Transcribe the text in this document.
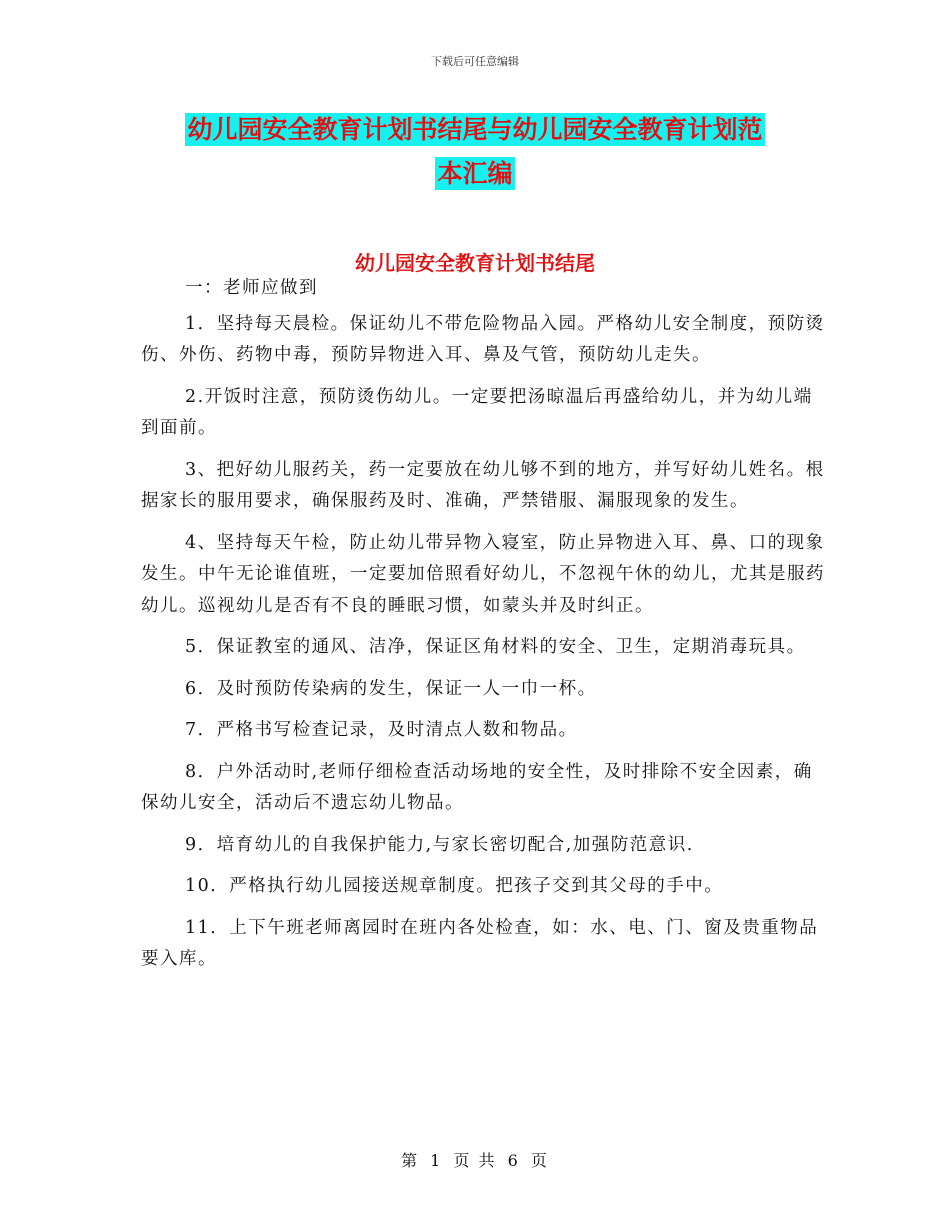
下载后可任意编辑
幼儿园安全教育计划书结尾与幼儿园安全教育计划范
本汇编
幼儿园安全教育计划书结尾

一：老师应做到

1．坚持每天晨检。保证幼儿不带危险物品入园。严格幼儿安全制度，预防烫伤、外伤、药物中毒，预防异物进入耳、鼻及气管，预防幼儿走失。

2.开饭时注意，预防烫伤幼儿。一定要把汤晾温后再盛给幼儿，并为幼儿端到面前。

3、把好幼儿服药关，药一定要放在幼儿够不到的地方，并写好幼儿姓名。根据家长的服用要求，确保服药及时、准确，严禁错服、漏服现象的发生。

4、坚持每天午检，防止幼儿带异物入寝室，防止异物进入耳、鼻、口的现象发生。中午无论谁值班，一定要加倍照看好幼儿，不忽视午休的幼儿，尤其是服药幼儿。巡视幼儿是否有不良的睡眠习惯，如蒙头并及时纠正。

5．保证教室的通风、洁净，保证区角材料的安全、卫生，定期消毒玩具。

6．及时预防传染病的发生，保证一人一巾一杯。

7．严格书写检查记录，及时清点人数和物品。

8．户外活动时,老师仔细检查活动场地的安全性，及时排除不安全因素，确保幼儿安全，活动后不遗忘幼儿物品。

9．培育幼儿的自我保护能力,与家长密切配合,加强防范意识.

10．严格执行幼儿园接送规章制度。把孩子交到其父母的手中。

11．上下午班老师离园时在班内各处检查，如：水、电、门、窗及贵重物品要入库。

第 1 页 共 6 页
